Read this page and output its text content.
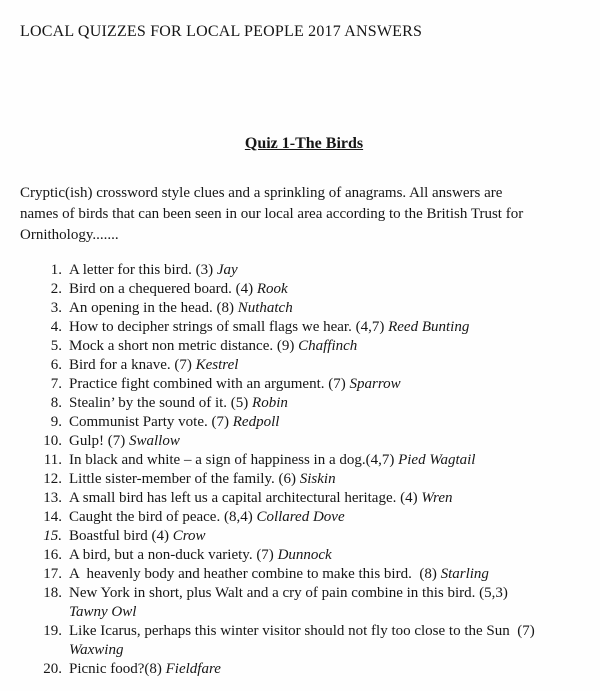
LOCAL QUIZZES FOR LOCAL PEOPLE 2017 ANSWERS
Quiz 1-The Birds
Cryptic(ish) crossword style clues and a sprinkling of anagrams. All answers are
names of birds that can been seen in our local area according to the British Trust for
Ornithology.......
1. A letter for this bird. (3) Jay
2. Bird on a chequered board. (4) Rook
3. An opening in the head. (8) Nuthatch
4. How to decipher strings of small flags we hear. (4,7) Reed Bunting
5. Mock a short non metric distance. (9) Chaffinch
6. Bird for a knave. (7) Kestrel
7. Practice fight combined with an argument. (7) Sparrow
8. Stealin’ by the sound of it. (5) Robin
9. Communist Party vote. (7) Redpoll
10. Gulp! (7) Swallow
11. In black and white – a sign of happiness in a dog.(4,7) Pied Wagtail
12. Little sister-member of the family. (6) Siskin
13. A small bird has left us a capital architectural heritage. (4) Wren
14. Caught the bird of peace. (8,4) Collared Dove
15. Boastful bird (4) Crow
16. A bird, but a non-duck variety. (7) Dunnock
17. A  heavenly body and heather combine to make this bird.  (8) Starling
18. New York in short, plus Walt and a cry of pain combine in this bird. (5,3)
Tawny Owl
19. Like Icarus, perhaps this winter visitor should not fly too close to the Sun  (7)
Waxwing
20. Picnic food?(8) Fieldfare
